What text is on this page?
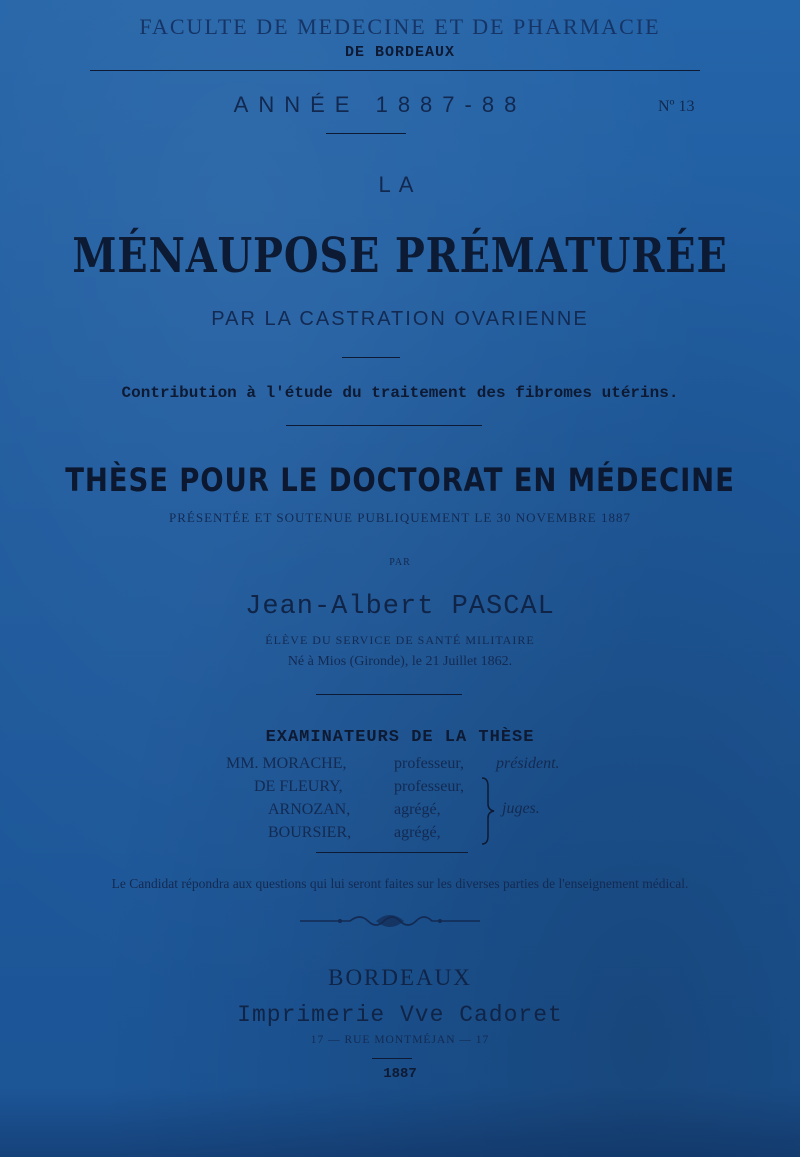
FACULTE DE MEDECINE ET DE PHARMACIE
DE BORDEAUX
ANNÉE 1887-88	Nº 13
LA
MÉNAUPOSE PRÉMATURÉE
PAR LA CASTRATION OVARIENNE
Contribution à l'étude du traitement des fibromes utérins.
THÈSE POUR LE DOCTORAT EN MÉDECINE
PRÉSENTÉE ET SOUTENUE PUBLIQUEMENT LE 30 NOVEMBRE 1887
PAR
Jean-Albert PASCAL
ÉLÈVE DU SERVICE DE SANTÉ MILITAIRE
Né à Mios (Gironde), le 21 Juillet 1862.
EXAMINATEURS DE LA THÈSE
MM. MORACHE,	professeur, président.
DE FLEURY,	professeur,
ARNOZAN,	agrégé,
BOURSIER,	agrégé,
juges.
Le Candidat répondra aux questions qui lui seront faites sur les diverses parties de l'enseignement médical.
BORDEAUX
Imprimerie Vve Cadoret
17 — RUE MONTMÉJAN — 17
1887
